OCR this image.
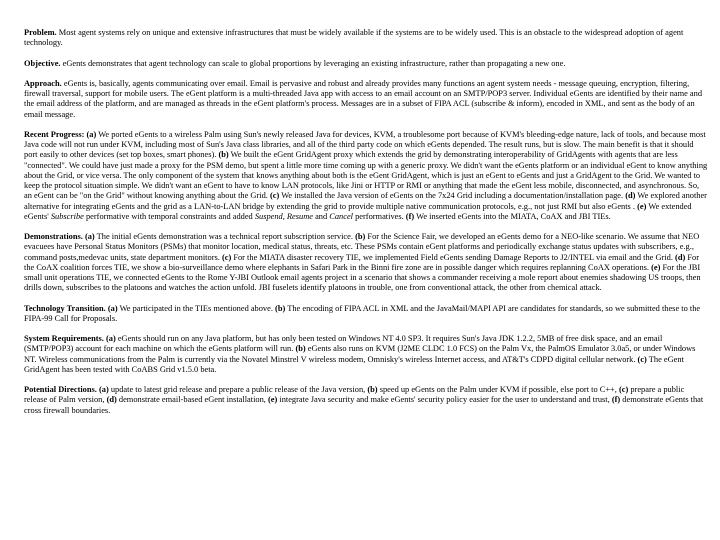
Problem. Most agent systems rely on unique and extensive infrastructures that must be widely available if the systems are to be widely used. This is an obstacle to the widespread adoption of agent technology.

Objective. eGents demonstrates that agent technology can scale to global proportions by leveraging an existing infrastructure, rather than propagating a new one.

Approach. eGents is, basically, agents communicating over email. Email is pervasive and robust and already provides many functions an agent system needs - message queuing, encryption, filtering, firewall traversal, support for mobile users. The eGent platform is a multi-threaded Java app with access to an email account on an SMTP/POP3 server. Individual eGents are identified by their name and the email address of the platform, and are managed as threads in the eGent platform's process. Messages are in a subset of FIPA ACL (subscribe & inform), encoded in XML, and sent as the body of an email message.

Recent Progress: (a) We ported eGents to a wireless Palm using Sun's newly released Java for devices, KVM, a troublesome port because of KVM's bleeding-edge nature, lack of tools, and because most Java code will not run under KVM, including most of Sun's Java class libraries, and all of the third party code on which eGents depended. The result runs, but is slow. The main benefit is that it should port easily to other devices (set top boxes, smart phones). (b) We built the eGent GridAgent proxy which extends the grid by demonstrating interoperability of GridAgents with agents that are less "connected". We could have just made a proxy for the PSM demo, but spent a little more time coming up with a generic proxy. We didn't want the eGents platform or an individual eGent to know anything about the Grid, or vice versa. The only component of the system that knows anything about both is the eGent GridAgent, which is just an eGent to eGents and just a GridAgent to the Grid. We wanted to keep the protocol situation simple. We didn't want an eGent to have to know LAN protocols, like Jini or HTTP or RMI or anything that made the eGent less mobile, disconnected, and asynchronous. So, an eGent can be "on the Grid" without knowing anything about the Grid. (c) We installed the Java version of eGents on the 7x24 Grid including a documentation/installation page. (d) We explored another alternative for integrating eGents and the grid as a LAN-to-LAN bridge by extending the grid to provide multiple native communication protocols, e.g., not just RMI but also eGents . (e) We extended eGents' Subscribe performative with temporal constraints and added Suspend, Resume and Cancel performatives. (f) We inserted eGents into the MIATA, CoAX and JBI TIEs.

Demonstrations. (a) The initial eGents demonstration was a technical report subscription service. (b) For the Science Fair, we developed an eGents demo for a NEO-like scenario. We assume that NEO evacuees have Personal Status Monitors (PSMs) that monitor location, medical status, threats, etc. These PSMs contain eGent platforms and periodically exchange status updates with subscribers, e.g., command posts,medevac units, state department monitors. (c) For the MIATA disaster recovery TIE, we implemented Field eGents sending Damage Reports to J2/INTEL via email and the Grid. (d) For the CoAX coalition forces TIE, we show a bio-surveillance demo where elephants in Safari Park in the Binni fire zone are in possible danger which requires replanning CoAX operations. (e) For the JBI small unit operations TIE, we connected eGents to the Rome Y-JBI Outlook email agents project in a scenario that shows a commander receiving a mole report about enemies shadowing US troops, then drills down, subscribes to the platoons and watches the action unfold. JBI fuselets identify platoons in trouble, one from conventional attack, the other from chemical attack.

Technology Transition. (a) We participated in the TIEs mentioned above. (b) The encoding of FIPA ACL in XML and the JavaMail/MAPI API are candidates for standards, so we submitted these to the FIPA-99 Call for Proposals.

System Requirements. (a) eGents should run on any Java platform, but has only been tested on Windows NT 4.0 SP3. It requires Sun's Java JDK 1.2.2, 5MB of free disk space, and an email (SMTP/POP3) account for each machine on which the eGents platform will run. (b) eGents also runs on KVM (J2ME CLDC 1.0 FCS) on the Palm Vx, the PalmOS Emulator 3.0a5, or under Windows NT. Wireless communications from the Palm is currently via the Novatel Minstrel V wireless modem, Omnisky's wireless Internet access, and AT&T's CDPD digital cellular network. (c) The eGent GridAgent has been tested with CoABS Grid v1.5.0 beta.

Potential Directions. (a) update to latest grid release and prepare a public release of the Java version, (b) speed up eGents on the Palm under KVM if possible, else port to C++, (c) prepare a public release of Palm version, (d) demonstrate email-based eGent installation, (e) integrate Java security and make eGents' security policy easier for the user to understand and trust, (f) demonstrate eGents that cross firewall boundaries.
